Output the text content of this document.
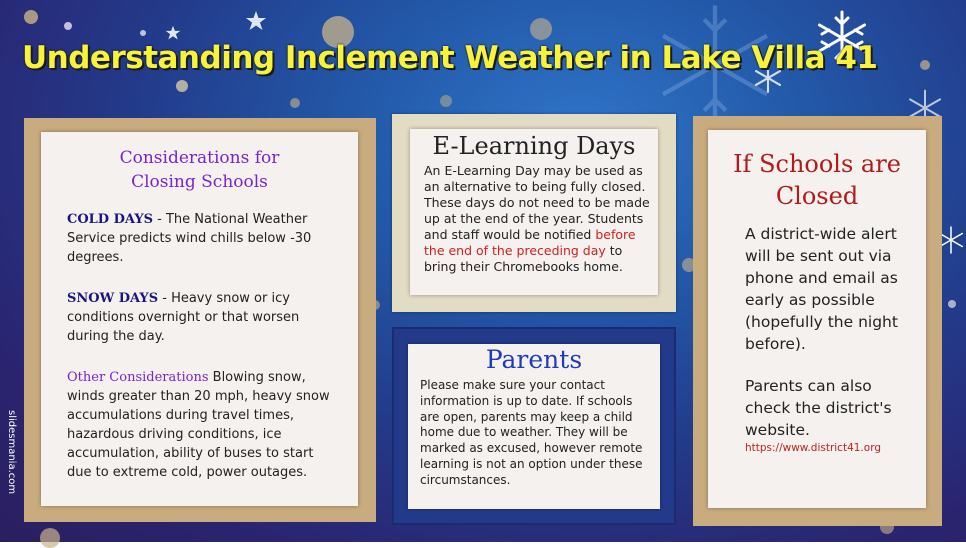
Understanding Inclement Weather in Lake Villa 41
slidesmania.com
Considerations for
Closing Schools
COLD DAYS - The National Weather Service predicts wind chills below -30 degrees.
SNOW DAYS - Heavy snow or icy conditions overnight or that worsen during the day.
Other Considerations Blowing snow, winds greater than 20 mph, heavy snow accumulations during travel times, hazardous driving conditions, ice accumulation, ability of buses to start due to extreme cold, power outages.
E-Learning Days
An E-Learning Day may be used as an alternative to being fully closed. These days do not need to be made up at the end of the year. Students and staff would be notified before the end of the preceding day to bring their Chromebooks home.
Parents
Please make sure your contact information is up to date. If schools are open, parents may keep a child home due to weather. They will be marked as excused, however remote learning is not an option under these circumstances.
If Schools are
Closed
A district-wide alert will be sent out via phone and email as early as possible (hopefully the night before).
Parents can also check the district's website.
https://www.district41.org
